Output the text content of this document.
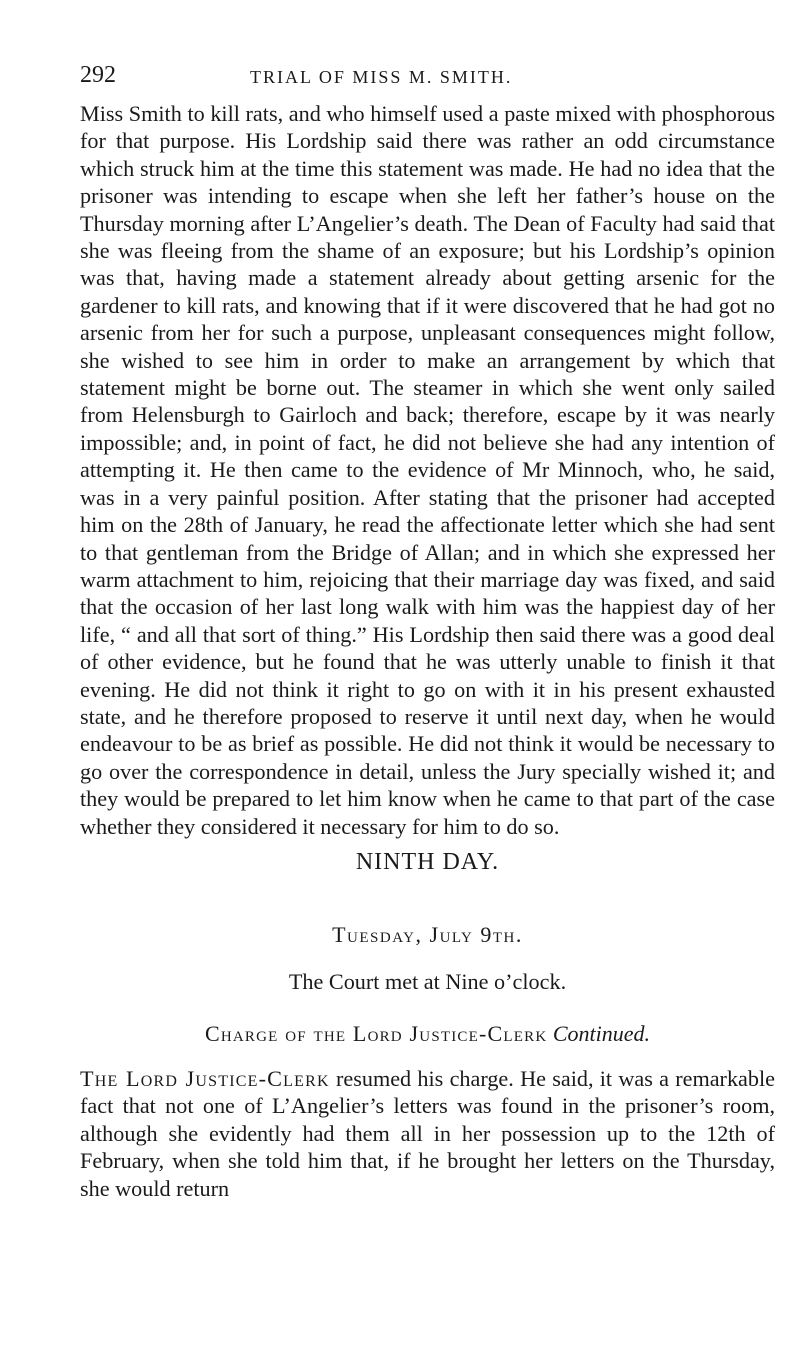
292	TRIAL OF MISS M. SMITH.

Miss Smith to kill rats, and who himself used a paste mixed with phosphorous for that purpose. His Lordship said there was rather an odd circumstance which struck him at the time this statement was made. He had no idea that the prisoner was intending to escape when she left her father’s house on the Thursday morning after L’Angelier’s death. The Dean of Faculty had said that she was fleeing from the shame of an exposure; but his Lordship’s opinion was that, having made a statement already about getting arsenic for the gardener to kill rats, and knowing that if it were discovered that he had got no arsenic from her for such a purpose, unpleasant consequences might follow, she wished to see him in order to make an arrangement by which that statement might be borne out. The steamer in which she went only sailed from Helensburgh to Gairloch and back; therefore, escape by it was nearly impossible; and, in point of fact, he did not believe she had any intention of attempting it. He then came to the evidence of Mr Minnoch, who, he said, was in a very painful position. After stating that the prisoner had accepted him on the 28th of January, he read the affectionate letter which she had sent to that gentleman from the Bridge of Allan; and in which she expressed her warm attachment to him, rejoicing that their marriage day was fixed, and said that the occasion of her last long walk with him was the happiest day of her life, “ and all that sort of thing.” His Lordship then said there was a good deal of other evidence, but he found that he was utterly unable to finish it that evening. He did not think it right to go on with it in his present exhausted state, and he therefore proposed to reserve it until next day, when he would endeavour to be as brief as possible. He did not think it would be necessary to go over the correspondence in detail, unless the Jury specially wished it; and they would be prepared to let him know when he came to that part of the case whether they considered it necessary for him to do so.

NINTH DAY.
Tuesday, July 9th.
The Court met at Nine o’clock.
Charge of the Lord Justice-Clerk Continued.

The Lord Justice-Clerk resumed his charge. He said, it was a remarkable fact that not one of L’Angelier’s letters was found in the prisoner’s room, although she evidently had them all in her possession up to the 12th of February, when she told him that, if he brought her letters on the Thursday, she would return
